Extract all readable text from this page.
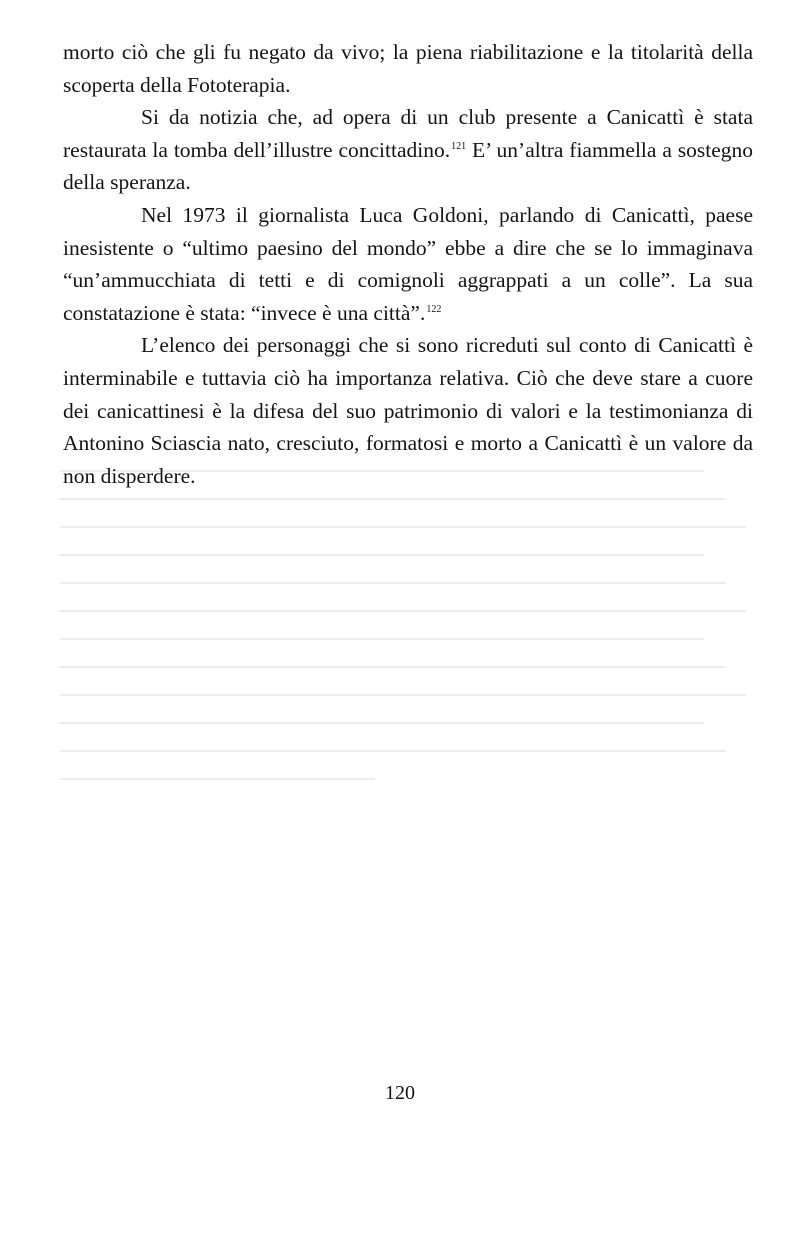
morto ciò che gli fu negato da vivo; la piena riabilitazione e la titolarità della scoperta della Fototerapia.

Si da notizia che, ad opera di un club presente a Canicattì è stata restaurata la tomba dell’illustre concittadino.$^{121}$ E’ un’altra fiammella a sostegno della speranza.

Nel 1973 il giornalista Luca Goldoni, parlando di Canicattì, paese inesistente o “ultimo paesino del mondo” ebbe a dire che se lo immaginava “un’ammucchiata di tetti e di comignoli aggrappati a un colle”. La sua constatazione è stata: “invece è una città”.$^{122}$

L’elenco dei personaggi che si sono ricreduti sul conto di Canicattì è interminabile e tuttavia ciò ha importanza relativa. Ciò che deve stare a cuore dei canicattinesi è la difesa del suo patrimonio di valori e la testimonianza di Antonino Sciascia nato, cresciuto, formatosi e morto a Canicattì è un valore da non disperdere.

120
